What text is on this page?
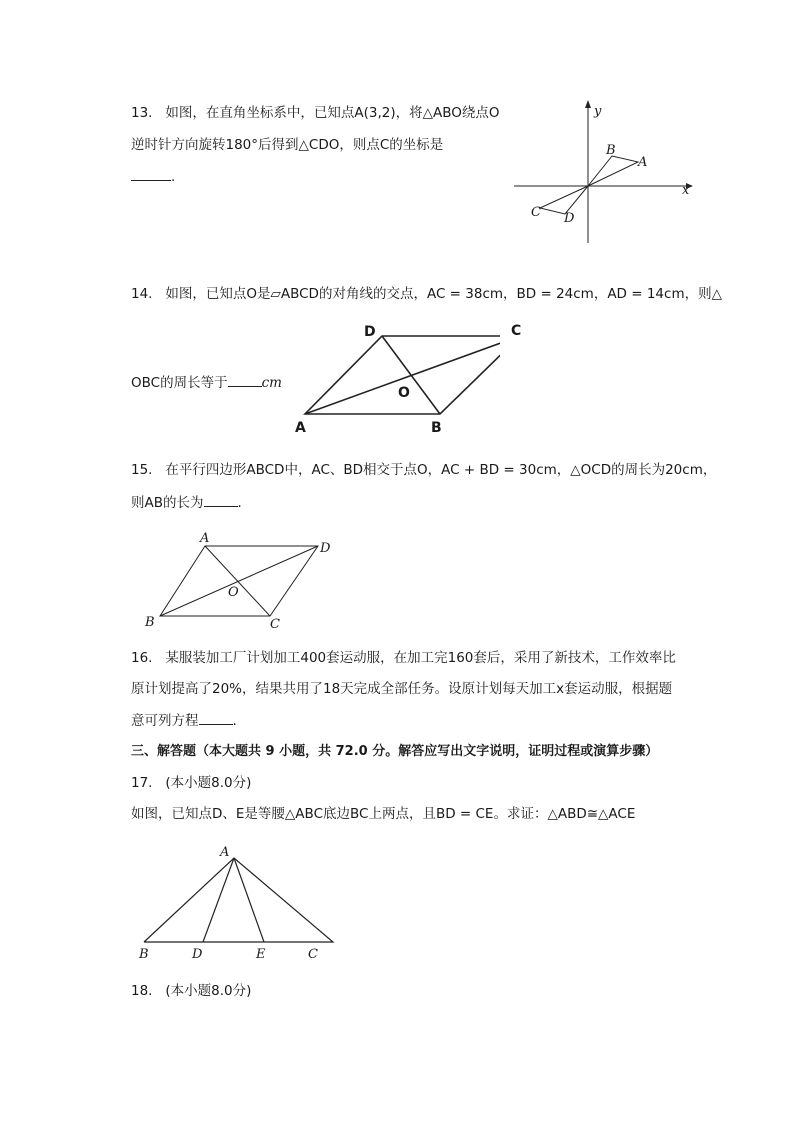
13. 如图，在直角坐标系中，已知点A(3,2)，将△ABO绕点O
逆时针方向旋转180°后得到△CDO，则点C的坐标是
.
y
x
A
B
C D
14. 如图，已知点O是▱ABCD的对角线的交点，AC = 38cm，BD = 24cm，AD = 14cm，则△
OBC的周长等于	cm
A	B
D
O
C
15. 在平行四边形ABCD中，AC、BD相交于点O，AC + BD = 30cm，△OCD的周长为20cm，
则AB的长为	.
A
D
B	C
O
16. 某服装加工厂计划加工400套运动服，在加工完160套后，采用了新技术，工作效率比
原计划提高了20%，结果共用了18天完成全部任务。设原计划每天加工x套运动服，根据题
意可列方程	.
三、解答题（本大题共 9 小题，共 72.0 分。解答应写出文字说明，证明过程或演算步骤）
17. (本小题8.0分)
如图，已知点D、E是等腰△ABC底边BC上两点，且BD = CE。求证：△ABD≅△ACE
A
B	D	E	C
18. (本小题8.0分)
